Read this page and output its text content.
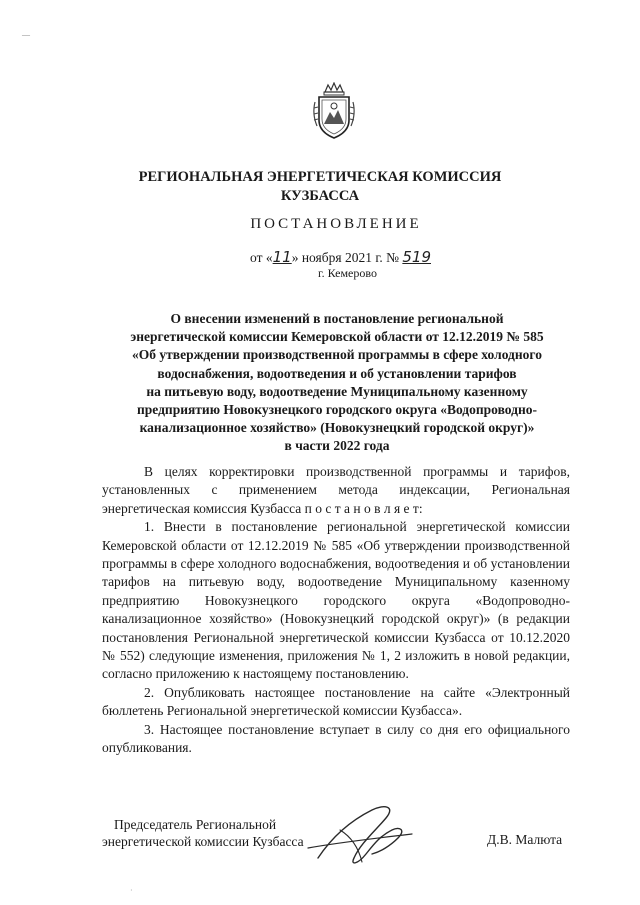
—
РЕГИОНАЛЬНАЯ ЭНЕРГЕТИЧЕСКАЯ КОМИССИЯ
КУЗБАССА
ПОСТАНОВЛЕНИЕ
от «11» ноября 2021 г. № 519
г. Кемерово
О внесении изменений в постановление региональной
энергетической комиссии Кемеровской области от 12.12.2019 № 585
«Об утверждении производственной программы в сфере холодного
водоснабжения, водоотведения и об установлении тарифов
на питьевую воду, водоотведение Муниципальному казенному
предприятию Новокузнецкого городского округа «Водопроводно-
канализационное хозяйство» (Новокузнецкий городской округ)»
в части 2022 года

В целях корректировки производственной программы и тарифов, установленных с применением метода индексации, Региональная энергетическая комиссия Кузбасса п о с т а н о в л я е т:

1. Внести в постановление региональной энергетической комиссии Кемеровской области от 12.12.2019 № 585 «Об утверждении производственной программы в сфере холодного водоснабжения, водоотведения и об установлении тарифов на питьевую воду, водоотведение Муниципальному казенному предприятию Новокузнецкого городского округа «Водопроводно-канализационное хозяйство» (Новокузнецкий городской округ)» (в редакции постановления Региональной энергетической комиссии Кузбасса от 10.12.2020 № 552) следующие изменения, приложения № 1, 2 изложить в новой редакции, согласно приложению к настоящему постановлению.

2. Опубликовать настоящее постановление на сайте «Электронный бюллетень Региональной энергетической комиссии Кузбасса».

3. Настоящее постановление вступает в силу со дня его официального опубликования.

Председатель Региональной
энергетической комиссии Кузбасса	Д.В. Малюта
·
